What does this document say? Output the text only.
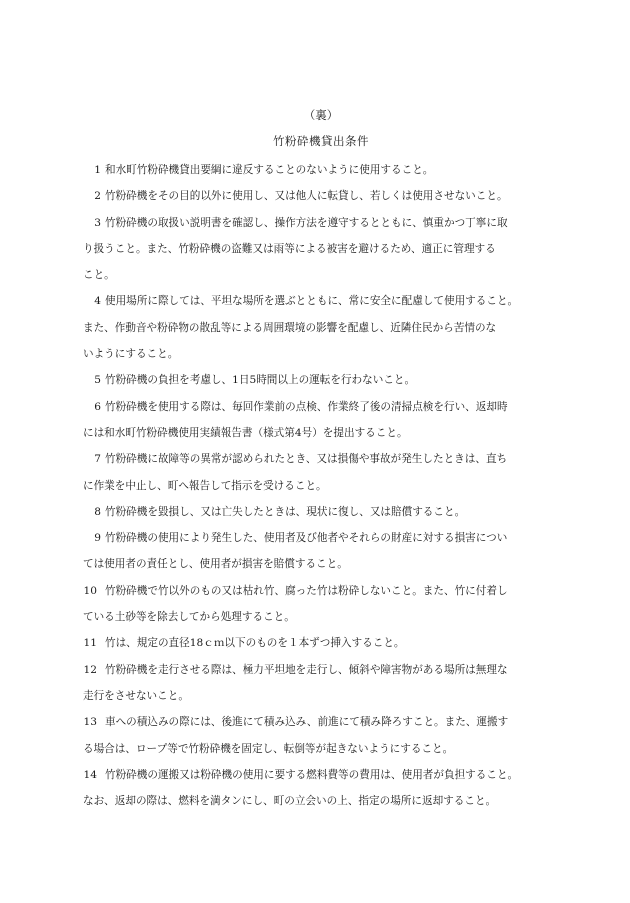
（裏）
竹粉砕機貸出条件
1 和水町竹粉砕機貸出要綱に違反することのないように使用すること。
2 竹粉砕機をその目的以外に使用し、又は他人に転貸し、若しくは使用させないこと。
3 竹粉砕機の取扱い説明書を確認し、操作方法を遵守するとともに、慎重かつ丁寧に取
り扱うこと。また、竹粉砕機の盗難又は雨等による被害を避けるため、適正に管理する
こと。
4 使用場所に際しては、平坦な場所を選ぶとともに、常に安全に配慮して使用すること。
また、作動音や粉砕物の散乱等による周囲環境の影響を配慮し、近隣住民から苦情のな
いようにすること。
5 竹粉砕機の負担を考慮し、1日5時間以上の運転を行わないこと。
6 竹粉砕機を使用する際は、毎回作業前の点検、作業終了後の清掃点検を行い、返却時
には和水町竹粉砕機使用実績報告書（様式第4号）を提出すること。
7 竹粉砕機に故障等の異常が認められたとき、又は損傷や事故が発生したときは、直ち
に作業を中止し、町へ報告して指示を受けること。
8 竹粉砕機を毀損し、又は亡失したときは、現状に復し、又は賠償すること。
9 竹粉砕機の使用により発生した、使用者及び他者やそれらの財産に対する損害につい
ては使用者の責任とし、使用者が損害を賠償すること。
10 竹粉砕機で竹以外のもの又は枯れ竹、腐った竹は粉砕しないこと。また、竹に付着し
ている土砂等を除去してから処理すること。
11 竹は、規定の直径18ｃｍ以下のものを１本ずつ挿入すること。
12 竹粉砕機を走行させる際は、極力平坦地を走行し、傾斜や障害物がある場所は無理な
走行をさせないこと。
13 車への積込みの際には、後進にて積み込み、前進にて積み降ろすこと。また、運搬す
る場合は、ロープ等で竹粉砕機を固定し、転倒等が起きないようにすること。
14 竹粉砕機の運搬又は粉砕機の使用に要する燃料費等の費用は、使用者が負担すること。
なお、返却の際は、燃料を満タンにし、町の立会いの上、指定の場所に返却すること。
